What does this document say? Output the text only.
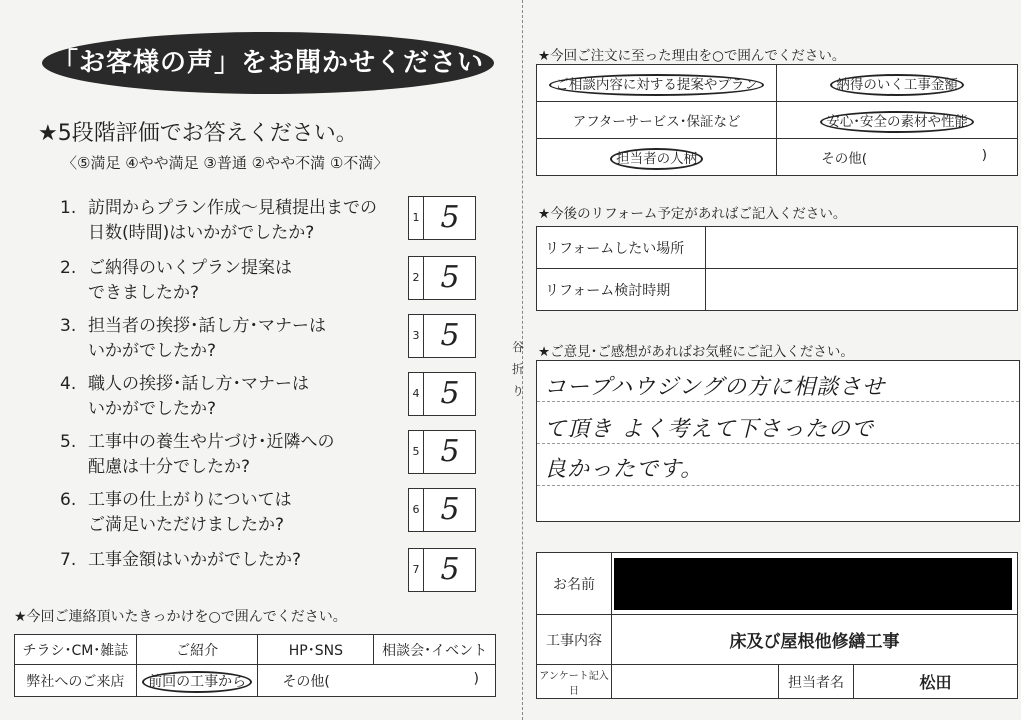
谷折り
「お客様の声」をお聞かせください
★5段階評価でお答えください。
〈⑤満足 ④やや満足 ③普通 ②やや不満 ①不満〉
1. 訪問からプラン作成～見積提出までの
日数(時間)はいかがでしたか?
1 5
2. ご納得のいくプラン提案は
できましたか?
2 5
3. 担当者の挨拶･話し方･マナーは
いかがでしたか?
3 5
4. 職人の挨拶･話し方･マナーは
いかがでしたか?
4 5
5. 工事中の養生や片づけ･近隣への
配慮は十分でしたか?
5 5
6. 工事の仕上がりについては
ご満足いただけましたか?
6 5
7. 工事金額はいかがでしたか?	7 5
★今回ご連絡頂いたきっかけを○で囲んでください。
チラシ･CM･雑誌	ご紹介	HP･SNS	相談会･イベント
弊社へのご来店	前回の工事から	その他( )	
★今回ご注文に至った理由を○で囲んでください。
ご相談内容に対する提案やプラン	納得のいく工事金額
アフターサービス･保証など	安心･安全の素材や性能
担当者の人柄	その他( )
★今後のリフォーム予定があればご記入ください。
リフォームしたい場所	
リフォーム検討時期	
★ご意見･ご感想があればお気軽にご記入ください。
コープハウジングの方に相談させ
て頂き よく考えて下さったので
良かったです。
お名前			
工事内容	床及び屋根他修繕工事		
アンケート記入日		担当者名	松田
